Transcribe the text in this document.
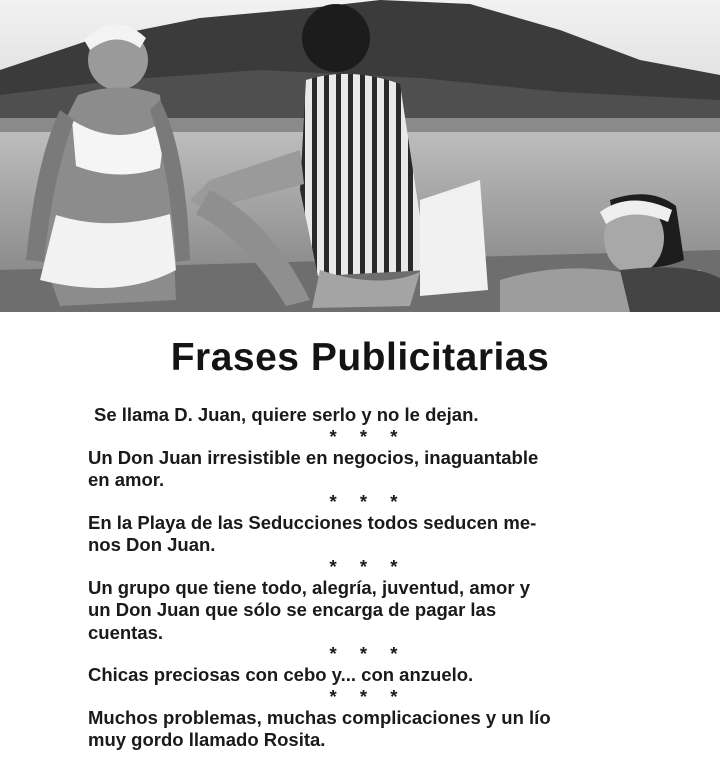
Frases Publicitarias

Se llama D. Juan, quiere serlo y no le dejan.

* * *

Un Don Juan irresistible en negocios, inaguantable
en amor.

* * *

En la Playa de las Seducciones todos seducen me-
nos Don Juan.

* * *

Un grupo que tiene todo, alegría, juventud, amor y
un Don Juan que sólo se encarga de pagar las
cuentas.

* * *

Chicas preciosas con cebo y... con anzuelo.

* * *

Muchos problemas, muchas complicaciones y un lío
muy gordo llamado Rosita.
